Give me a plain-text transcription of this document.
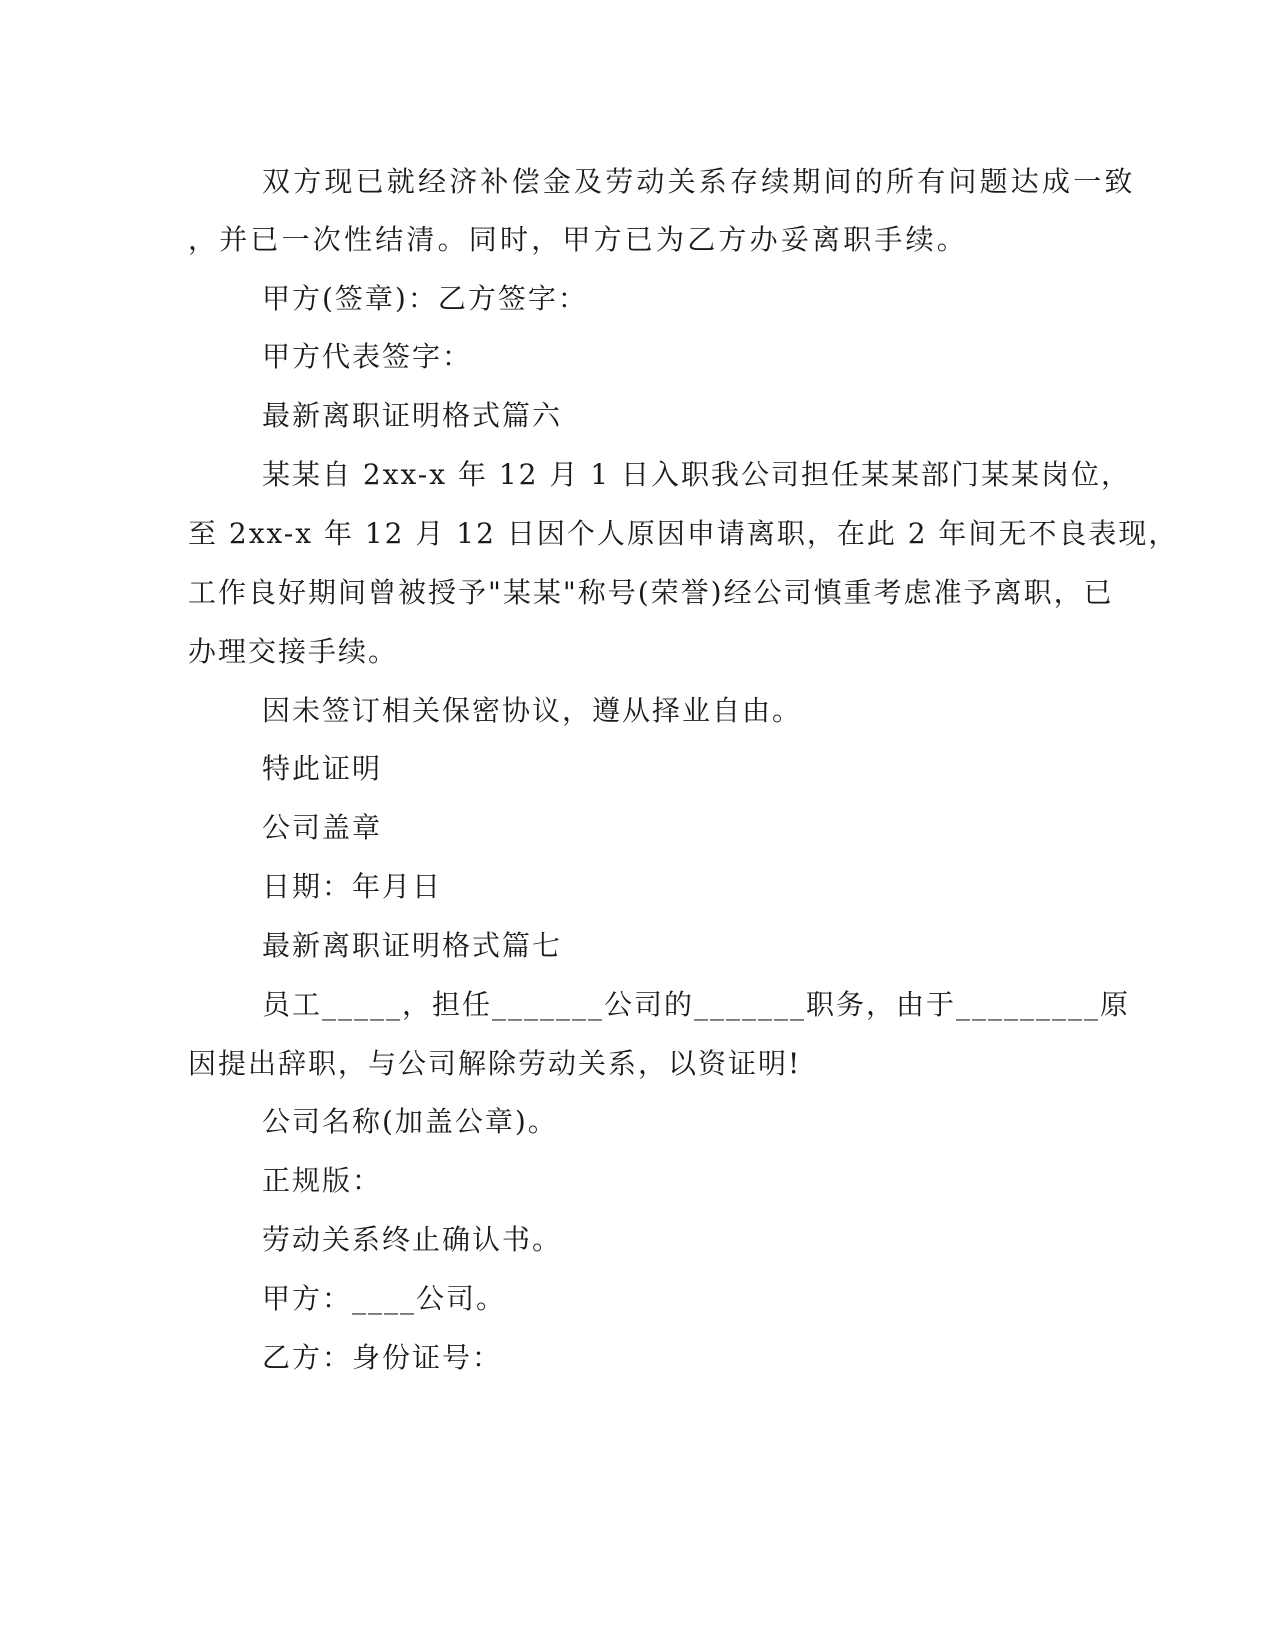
双方现已就经济补偿金及劳动关系存续期间的所有问题达成一致
，并已一次性结清。同时，甲方已为乙方办妥离职手续。
甲方(签章)：乙方签字：
甲方代表签字：
最新离职证明格式篇六
某某自 2xx-x 年 12 月 1 日入职我公司担任某某部门某某岗位，
至 2xx-x 年 12 月 12 日因个人原因申请离职，在此 2 年间无不良表现，
工作良好期间曾被授予"某某"称号(荣誉)经公司慎重考虑准予离职，已
办理交接手续。
因未签订相关保密协议，遵从择业自由。
特此证明
公司盖章
日期：年月日
最新离职证明格式篇七
员工_____，担任_______公司的_______职务，由于_________原
因提出辞职，与公司解除劳动关系，以资证明!
公司名称(加盖公章)。
正规版：
劳动关系终止确认书。
甲方：____公司。
乙方：身份证号：
